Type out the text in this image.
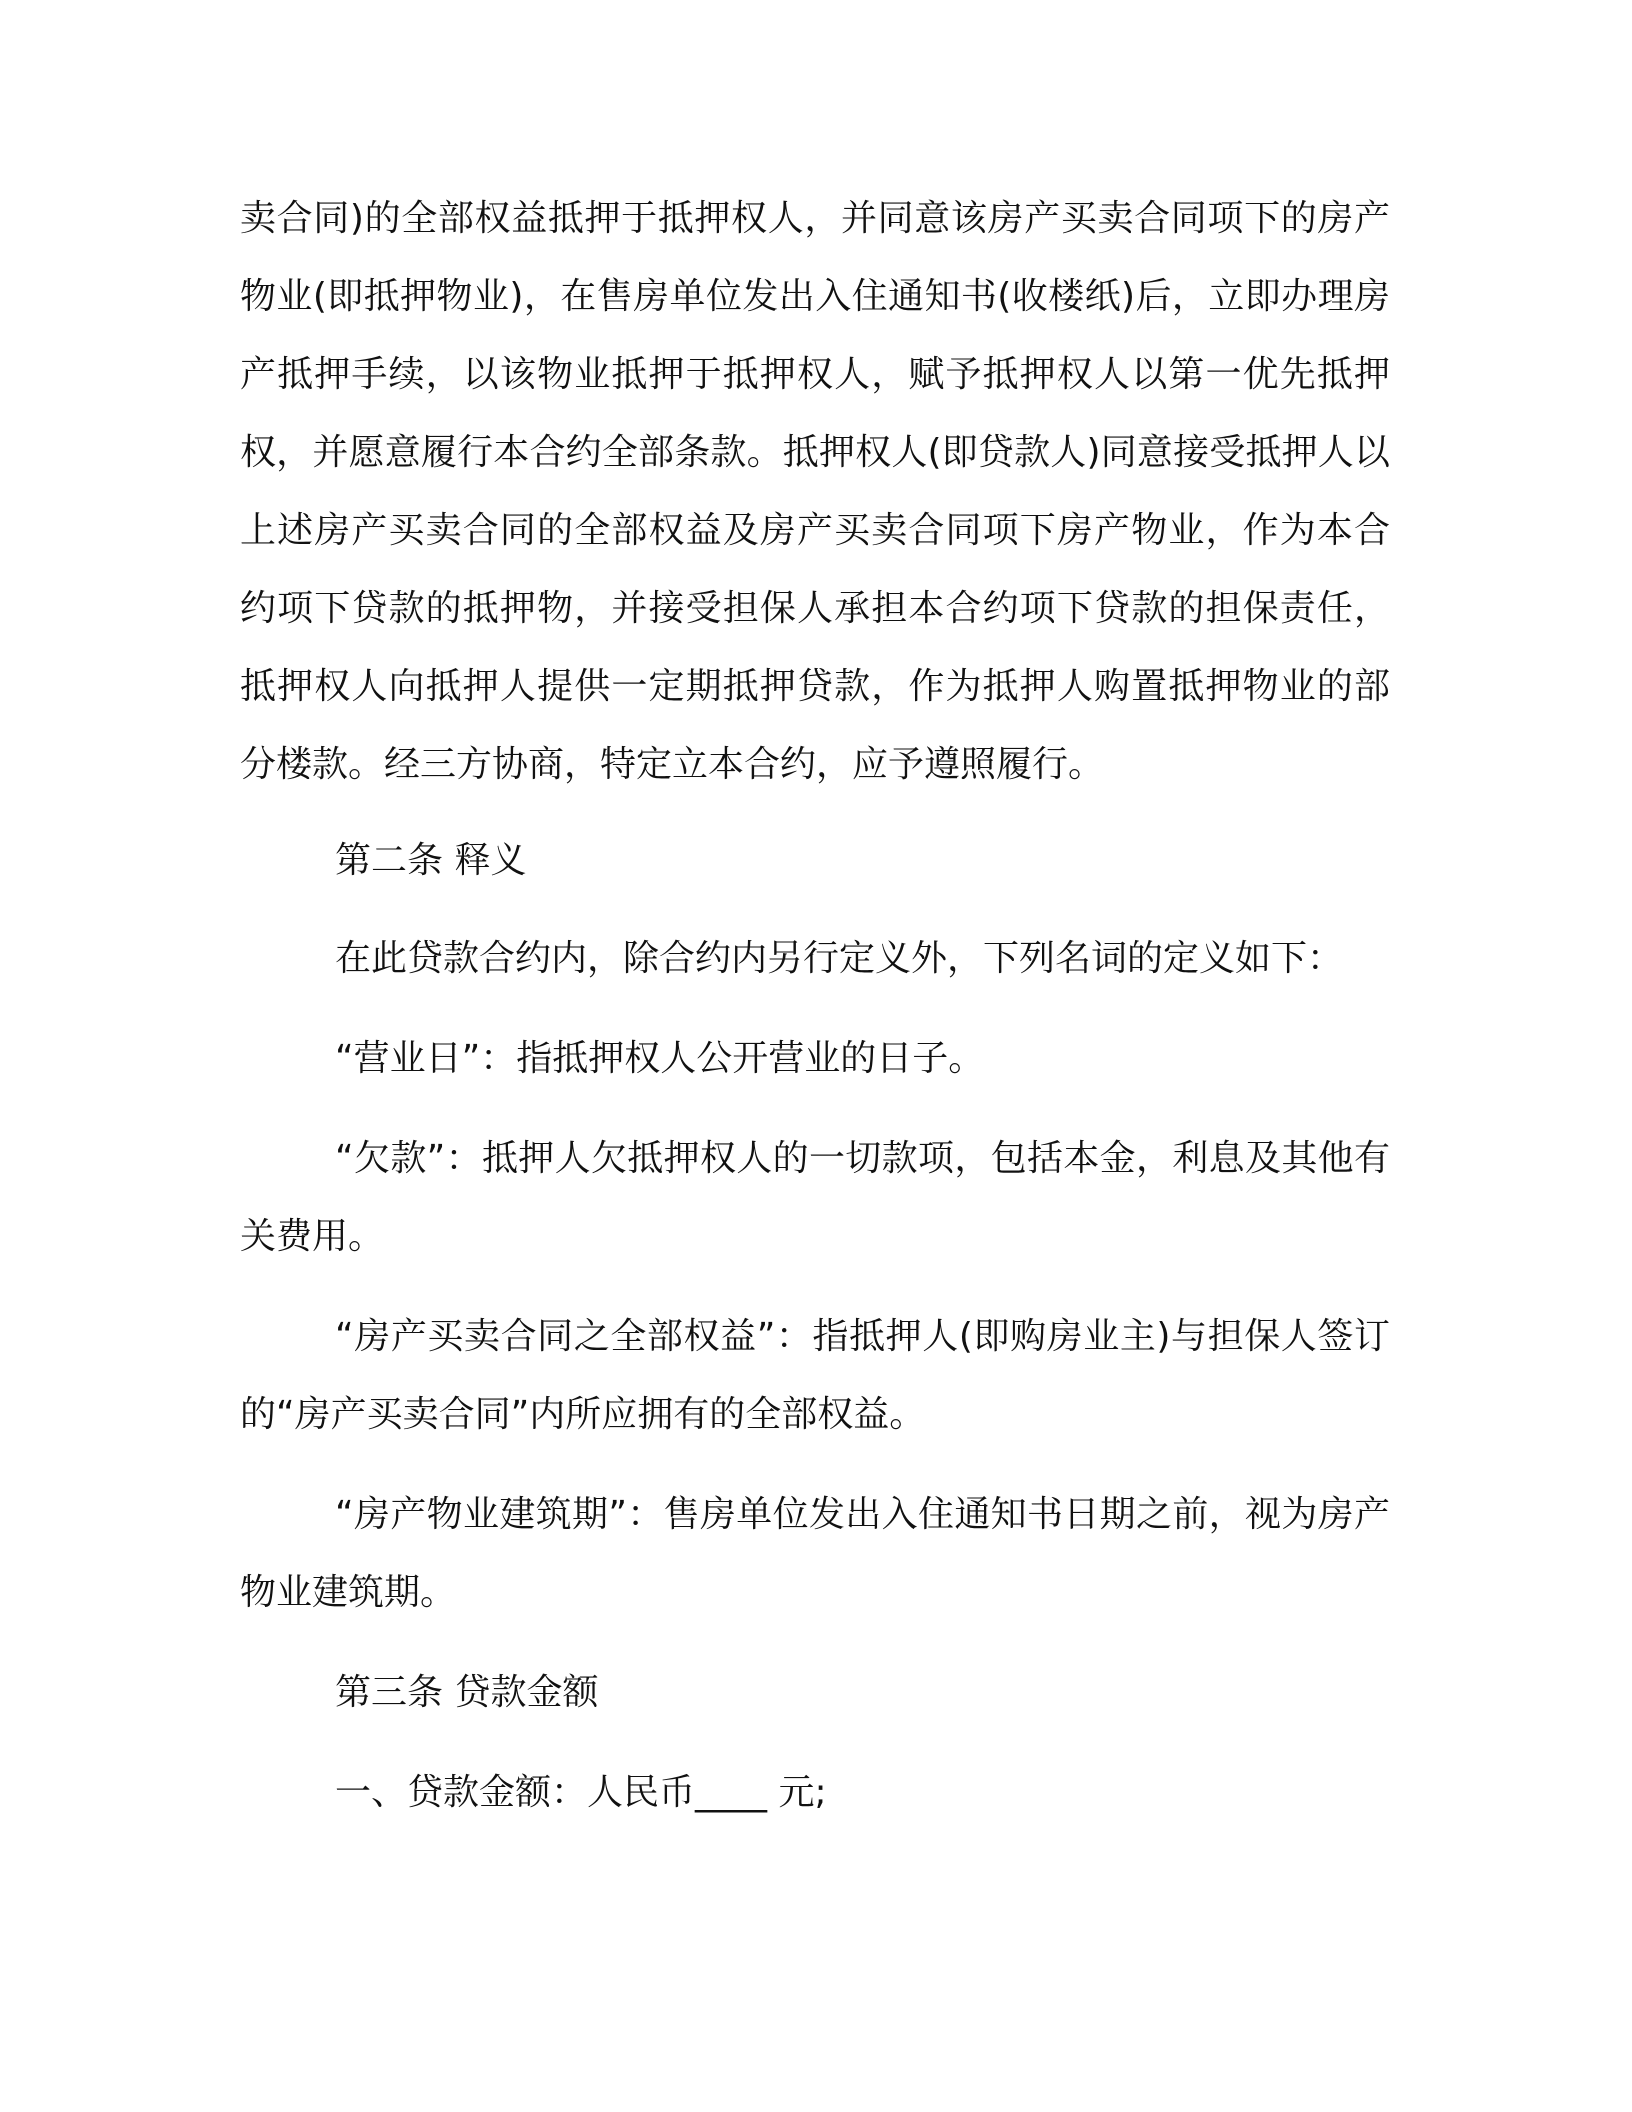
卖合同)的全部权益抵押于抵押权人，并同意该房产买卖合同项下的房产物业(即抵押物业)，在售房单位发出入住通知书(收楼纸)后，立即办理房产抵押手续，以该物业抵押于抵押权人，赋予抵押权人以第一优先抵押权，并愿意履行本合约全部条款。抵押权人(即贷款人)同意接受抵押人以上述房产买卖合同的全部权益及房产买卖合同项下房产物业，作为本合约项下贷款的抵押物，并接受担保人承担本合约项下贷款的担保责任，抵押权人向抵押人提供一定期抵押贷款，作为抵押人购置抵押物业的部分楼款。经三方协商，特定立本合约，应予遵照履行。

第二条 释义

在此贷款合约内，除合约内另行定义外，下列名词的定义如下：

“营业日”：指抵押权人公开营业的日子。

“欠款”：抵押人欠抵押权人的一切款项，包括本金，利息及其他有关费用。

“房产买卖合同之全部权益”：指抵押人(即购房业主)与担保人签订的“房产买卖合同”内所应拥有的全部权益。

“房产物业建筑期”：售房单位发出入住通知书日期之前，视为房产物业建筑期。

第三条 贷款金额

一、贷款金额：人民币____ 元;
